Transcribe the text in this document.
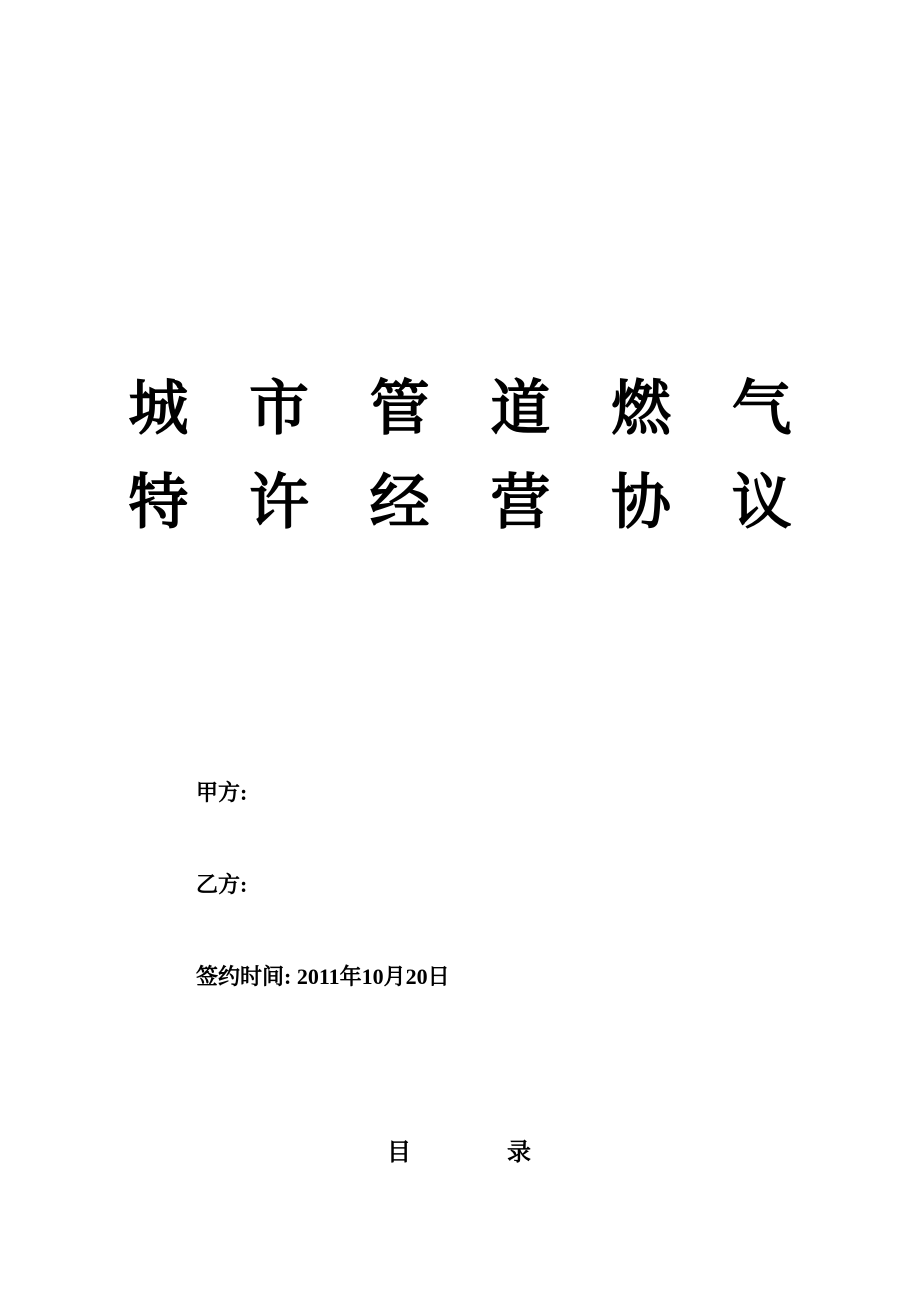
城 市 管 道 燃 气
特 许 经 营 协 议
甲方:
乙方:
签约时间: 2011年10月20日
目	录
